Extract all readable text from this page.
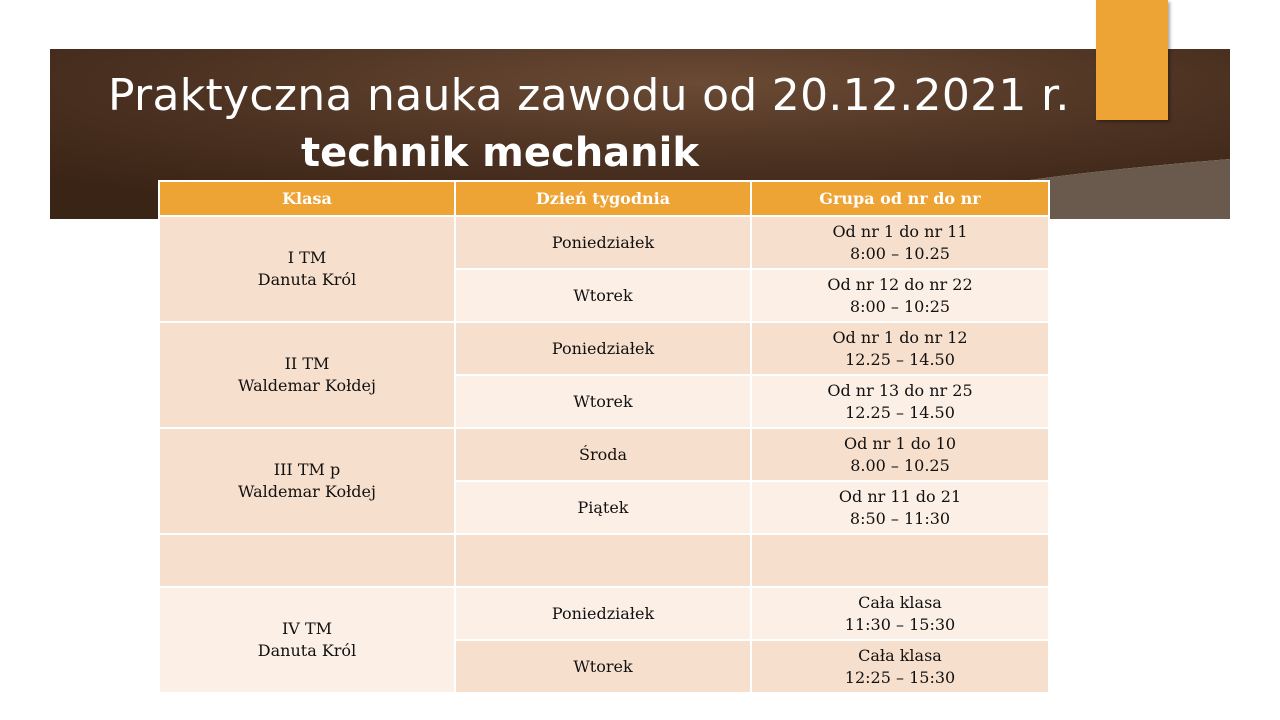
Praktyczna nauka zawodu od 20.12.2021 r.
technik mechanik
Klasa	Dzień tygodnia	Grupa od nr do nr

I TM
Danuta Król	Poniedziałek	Od nr 1 do nr 11
8:00 – 10.25

	Wtorek	Od nr 12 do nr 22
8:00 – 10:25

II TM
Waldemar Kołdej	Poniedziałek	Od nr 1 do nr 12
12.25 – 14.50

	Wtorek	Od nr 13 do nr 25
12.25 – 14.50

III TM p
Waldemar Kołdej	Środa	Od nr 1 do 10
8.00 – 10.25

	Piątek	Od nr 11 do 21
8:50 – 11:30

IV TM
Danuta Król	Poniedziałek	Cała klasa
11:30 – 15:30

	Wtorek	Cała klasa
12:25 – 15:30
